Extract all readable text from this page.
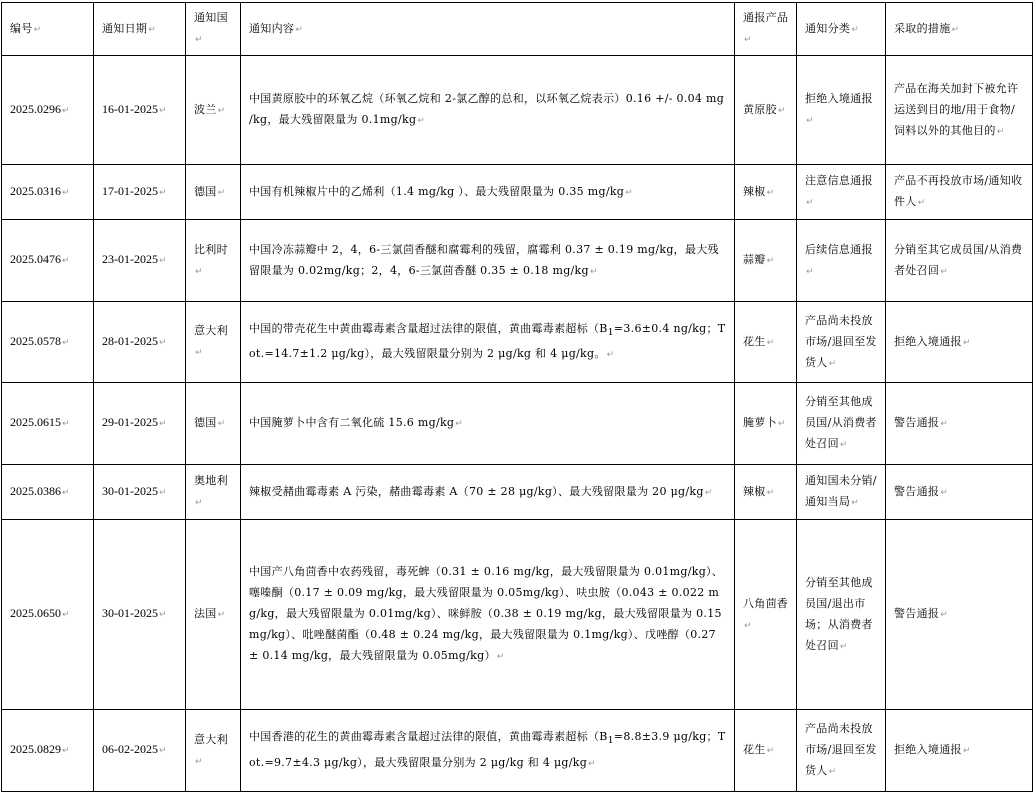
编号↵	通知日期↵	通知国↵	通知内容↵	通报产品↵	通知分类↵	采取的措施↵
2025.0296↵	16-01-2025↵	波兰↵	中国黄原胶中的环氧乙烷（环氧乙烷和 2-氯乙醇的总和，以环氧乙烷表示）0.16 +/- 0.04 mg /kg，最大残留限量为 0.1mg/kg↵	黄原胶↵	拒绝入境通报↵	产品在海关加封下被允许运送到目的地/用于食物/饲料以外的其他目的↵
2025.0316↵	17-01-2025↵	德国↵	中国有机辣椒片中的乙烯利（1.4 mg/kg ）、最大残留限量为 0.35 mg/kg↵	辣椒↵	注意信息通报↵	产品不再投放市场/通知收件人↵
2025.0476↵	23-01-2025↵	比利时↵	中国冷冻蒜瓣中 2，4，6-三氯茴香醚和腐霉利的残留，腐霉利 0.37 ± 0.19 mg/kg，最大残留限量为 0.02mg/kg；2，4，6-三氯茴香醚 0.35 ± 0.18 mg/kg↵	蒜瓣↵	后续信息通报↵	分销至其它成员国/从消费者处召回↵
2025.0578↵	28-01-2025↵	意大利↵	中国的带壳花生中黄曲霉毒素含量超过法律的限值，黄曲霉毒素超标（$B_1=3.6\pm 0.4$ ng/kg；Tot.=14.7±1.2 μg/kg），最大残留限量分别为 2 μg/kg 和 4 μg/kg。↵	花生↵	产品尚未投放市场/退回至发货人↵	拒绝入境通报↵
2025.0615↵	29-01-2025↵	德国↵	中国腌萝卜中含有二氧化硫 15.6 mg/kg↵	腌萝卜↵	分销至其他成员国/从消费者处召回↵	警告通报↵
2025.0386↵	30-01-2025↵	奥地利↵	辣椒受赭曲霉毒素 A 污染，赭曲霉毒素 A（70 ± 28 μg/kg）、最大残留限量为 20 μg/kg↵	辣椒↵	通知国未分销/通知当局↵	警告通报↵
2025.0650↵	30-01-2025↵	法国↵	中国产八角茴香中农药残留，毒死蜱（0.31 ± 0.16 mg/kg，最大残留限量为 0.01mg/kg）、噻嗪酮（0.17 ± 0.09 mg/kg，最大残留限量为 0.05mg/kg）、呋虫胺（0.043 ± 0.022 mg/kg，最大残留限量为 0.01mg/kg）、咪鲜胺（0.38 ± 0.19 mg/kg，最大残留限量为 0.15mg/kg）、吡唑醚菌酯（0.48 ± 0.24 mg/kg，最大残留限量为 0.1mg/kg）、戊唑醇（0.27 ± 0.14 mg/kg，最大残留限量为 0.05mg/kg）↵	八角茴香↵	分销至其他成员国/退出市场；从消费者处召回↵	警告通报↵
2025.0829↵	06-02-2025↵	意大利↵	中国香港的花生的黄曲霉毒素含量超过法律的限值，黄曲霉毒素超标（$B_1=8.8\pm 3.9$ μg/kg；Tot.=9.7±4.3 μg/kg），最大残留限量分别为 2 μg/kg 和 4 μg/kg↵	花生↵	产品尚未投放市场/退回至发货人↵	拒绝入境通报↵
